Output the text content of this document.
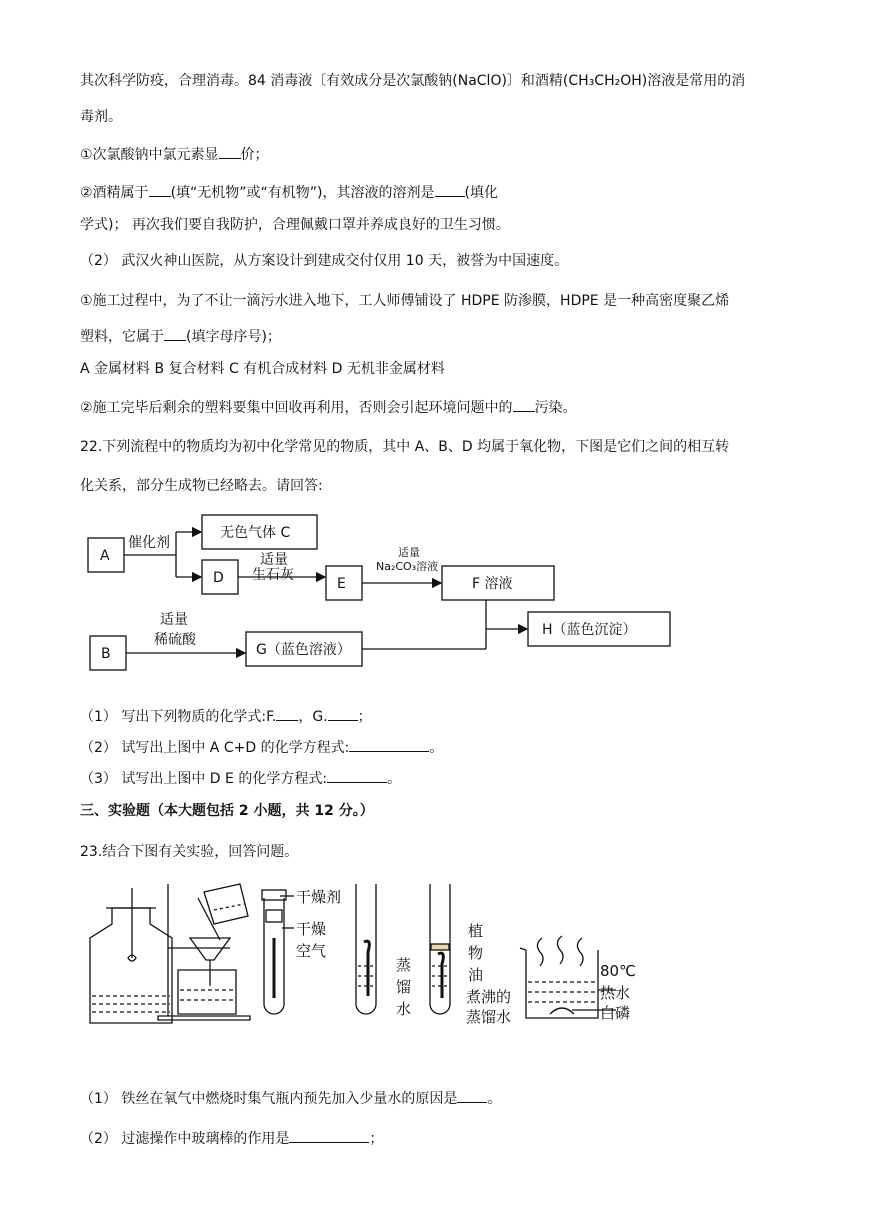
其次科学防疫，合理消毒。84 消毒液〔有效成分是次氯酸钠(NaClO)〕和酒精(CH₃CH₂OH)溶液是常用的消
毒剂。
①次氯酸钠中氯元素显 价；
②酒精属于 (填“无机物”或“有机物”)，其溶液的溶剂是 (填化
学式)； 再次我们要自我防护，合理佩戴口罩并养成良好的卫生习惯。
（2） 武汉火神山医院，从方案设计到建成交付仅用 10 天，被誉为中国速度。
①施工过程中，为了不让一滴污水进入地下，工人师傅铺设了 HDPE 防渗膜，HDPE 是一种高密度聚乙烯
塑料，它属于 (填字母序号)；
A 金属材料 B 复合材料 C 有机合成材料 D 无机非金属材料
②施工完毕后剩余的塑料要集中回收再利用，否则会引起环境问题中的 污染。
22.下列流程中的物质均为初中化学常见的物质，其中 A、B、D 均属于氧化物，下图是它们之间的相互转
化关系，部分生成物已经略去。请回答:
A
无色气体 C
D	E	F 溶液
B	G（蓝色溶液）
H（蓝色沉淀）
催化剂
适量
生石灰
适量
稀硫酸
适量
Na₂CO₃溶液
（1） 写出下列物质的化学式:F. ，G. ；
（2） 试写出上图中 A C+D 的化学方程式:	。
（3） 试写出上图中 D E 的化学方程式:	。
三、实验题（本大题包括 2 小题，共 12 分。）
23.结合下图有关实验，回答问题。
干燥剂
干燥
空气
蒸
馏
水
植
物
油
煮沸的
蒸馏水
80℃
热水
白磷
（1） 铁丝在氧气中燃烧时集气瓶内预先加入少量水的原因是 。
（2） 过滤操作中玻璃棒的作用是	；
